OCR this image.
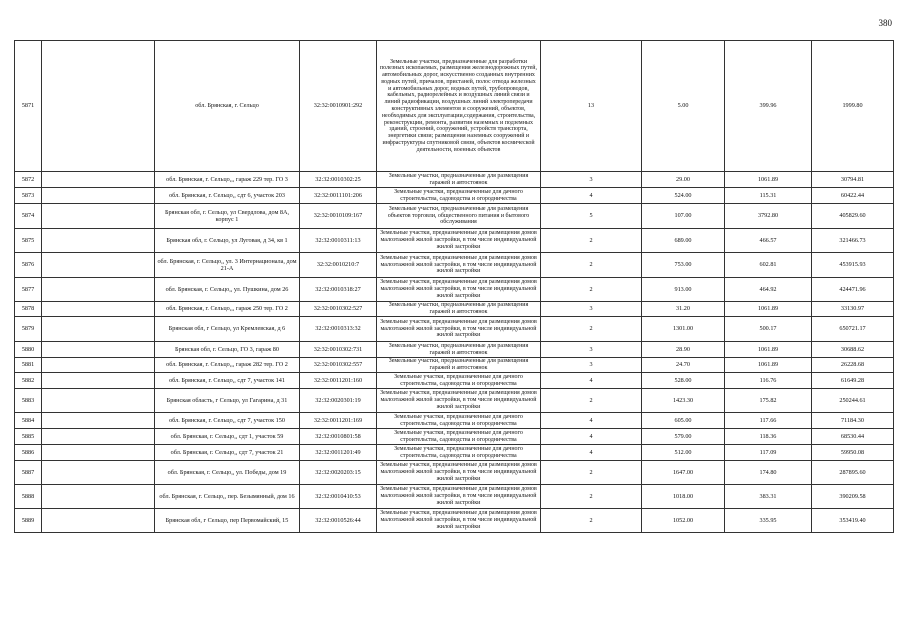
380
5871		обл. Брянская, г. Сельцо	32:32:0010901:292	Земельные участки, предназначенные для разработки полезных ископаемых, размещения железнодорожных путей, автомобильных дорог, искусственно созданных внутренних водных путей, причалов, пристаней, полос отвода железных и автомобильных дорог, водных путей, трубопроводов, кабельных, радиорелейных и воздушных линий связи и линий радиофикации, воздушных линий электропередачи конструктивных элементов и сооружений, объектов, необходимых для эксплуатации,содержания, строительства, реконструкции, ремонта, развития наземных и подземных зданий, строений, сооружений, устройств транспорта, энергетики связи; размещения наземных сооружений и инфраструктуры спутниковой связи, объектов космической деятельности, военных объектов	13	5.00	399.96	1999.80
5872		обл. Брянская, г. Сельцо,,, гараж 229 тер. ГО 3	32:32:0010302:25	Земельные участки, предназначенные для размещения гаражей и автостоянок	3	29.00	1061.89	30794.81
5873		обл. Брянская, г. Сельцо,, сдт 6, участок 203	32:32:0011101:206	Земельные участки, предназначенные для дачного строительства, садоводства и огородничества	4	524.00	115.31	60422.44
5874		Брянская обл, г. Сельцо, ул Свердлова, дом 8А, корпус 1	32:32:0010109:167	Земельные участки, предназначенные для размещения объектов торговли, общественного питания и бытового обслуживания	5	107.00	3792.80	405829.60
5875		Брянская обл, г. Сельцо, ул Луговая, д 34, кв 1	32:32:0010311:13	Земельные участки, предназначенные для размещения домов малоэтажной жилой застройки, в том числе индивидуальной жилой застройки	2	689.00	466.57	321466.73
5876		обл. Брянская, г. Сельцо,, ул. 3 Интернационала, дом 21-А	32:32:0010210:7	Земельные участки, предназначенные для размещения домов малоэтажной жилой застройки, в том числе индивидуальной жилой застройки	2	753.00	602.81	453915.93
5877		обл. Брянская, г. Сельцо,, ул. Пушкина, дом 26	32:32:0010318:27	Земельные участки, предназначенные для размещения домов малоэтажной жилой застройки, в том числе индивидуальной жилой застройки	2	913.00	464.92	424471.96
5878		обл. Брянская, г. Сельцо,,, гараж 250 тер. ГО 2	32:32:0010302:527	Земельные участки, предназначенные для размещения гаражей и автостоянок	3	31.20	1061.89	33130.97
5879		Брянская обл, г Сельцо, ул Кремлевская, д 6	32:32:0010313:32	Земельные участки, предназначенные для размещения домов малоэтажной жилой застройки, в том числе индивидуальной жилой застройки	2	1301.00	500.17	650721.17
5880		Брянская обл, г. Сельцо, ГО 3, гараж 80	32:32:0010302:731	Земельные участки, предназначенные для размещения гаражей и автостоянок	3	28.90	1061.89	30688.62
5881		обл. Брянская, г. Сельцо,,, гараж 282 тер. ГО 2	32:32:0010302:557	Земельные участки, предназначенные для размещения гаражей и автостоянок	3	24.70	1061.89	26228.68
5882		обл. Брянская, г. Сельцо,, сдт 7, участок 141	32:32:0011201:160	Земельные участки, предназначенные для дачного строительства, садоводства и огородничества	4	528.00	116.76	61649.28
5883		Брянская область, г Сельцо, ул Гагарина, д 31	32:32:0020301:19	Земельные участки, предназначенные для размещения домов малоэтажной жилой застройки, в том числе индивидуальной жилой застройки	2	1423.30	175.82	250244.61
5884		обл. Брянская, г. Сельцо,, сдт 7, участок 150	32:32:0011201:169	Земельные участки, предназначенные для дачного строительства, садоводства и огородничества	4	605.00	117.66	71184.30
5885		обл. Брянская, г. Сельцо,, сдт 1, участок 59	32:32:0010801:58	Земельные участки, предназначенные для дачного строительства, садоводства и огородничества	4	579.00	118.36	68530.44
5886		обл. Брянская, г. Сельцо,, сдт 7, участок 21	32:32:0011201:49	Земельные участки, предназначенные для дачного строительства, садоводства и огородничества	4	512.00	117.09	59950.08
5887		обл. Брянская, г. Сельцо,, ул. Победы, дом 19	32:32:0020203:15	Земельные участки, предназначенные для размещения домов малоэтажной жилой застройки, в том числе индивидуальной жилой застройки	2	1647.00	174.80	287895.60
5888		обл. Брянская, г. Сельцо,, пер. Безымянный, дом 16	32:32:0010410:53	Земельные участки, предназначенные для размещения домов малоэтажной жилой застройки, в том числе индивидуальной жилой застройки	2	1018.00	383.31	390209.58
5889		Брянская обл, г Сельцо, пер Первомайский, 15	32:32:0010526:44	Земельные участки, предназначенные для размещения домов малоэтажной жилой застройки, в том числе индивидуальной жилой застройки	2	1052.00	335.95	353419.40
